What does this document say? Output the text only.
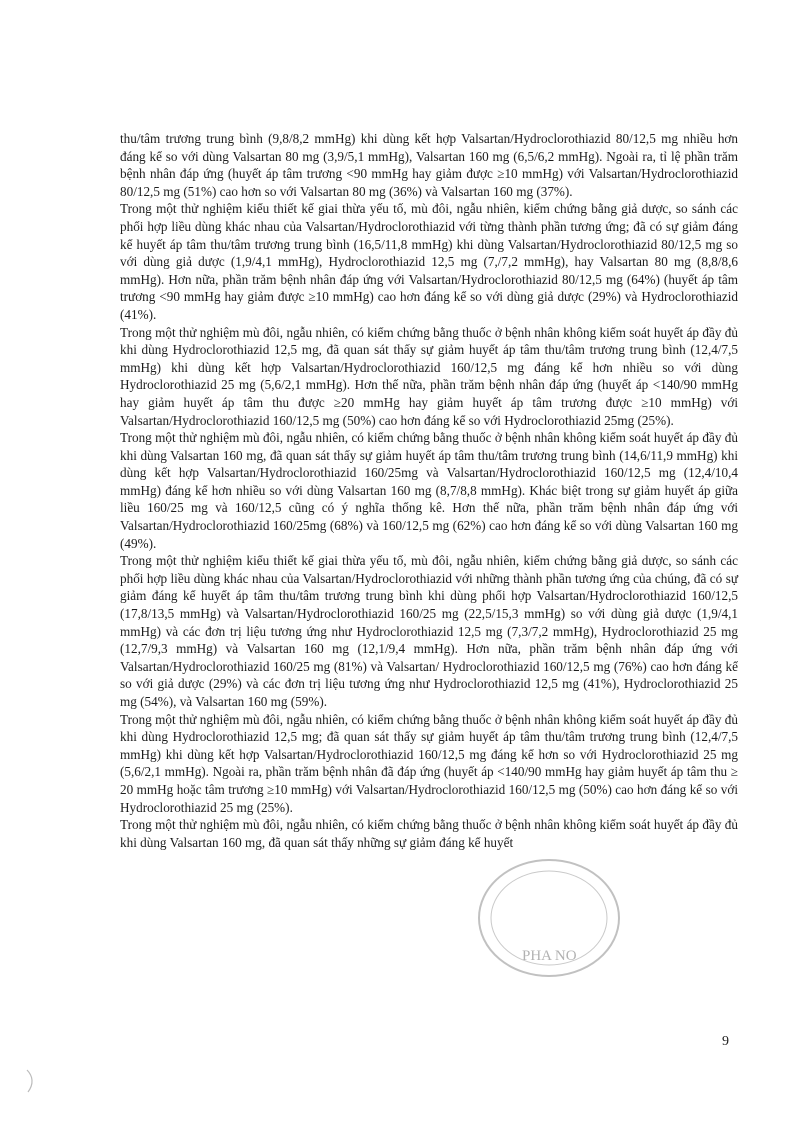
thu/tâm trương trung bình (9,8/8,2 mmHg) khi dùng kết hợp Valsartan/Hydroclorothiazid 80/12,5 mg nhiều hơn đáng kể so với dùng Valsartan 80 mg (3,9/5,1 mmHg), Valsartan 160 mg (6,5/6,2 mmHg). Ngoài ra, tỉ lệ phần trăm bệnh nhân đáp ứng (huyết áp tâm trương <90 mmHg hay giảm được ≥10 mmHg) với Valsartan/Hydroclorothiazid 80/12,5 mg (51%) cao hơn so với Valsartan 80 mg (36%) và Valsartan 160 mg (37%).

Trong một thử nghiệm kiểu thiết kế giai thừa yếu tố, mù đôi, ngẫu nhiên, kiểm chứng bằng giả dược, so sánh các phối hợp liều dùng khác nhau của Valsartan/Hydroclorothiazid với từng thành phần tương ứng; đã có sự giảm đáng kể huyết áp tâm thu/tâm trương trung bình (16,5/11,8 mmHg) khi dùng Valsartan/Hydroclorothiazid 80/12,5 mg so với dùng giả dược (1,9/4,1 mmHg), Hydroclorothiazid 12,5 mg (7,/7,2 mmHg), hay Valsartan 80 mg (8,8/8,6 mmHg). Hơn nữa, phần trăm bệnh nhân đáp ứng với Valsartan/Hydroclorothiazid 80/12,5 mg (64%) (huyết áp tâm trương <90 mmHg hay giảm được ≥10 mmHg) cao hơn đáng kể so với dùng giả dược (29%) và Hydroclorothiazid (41%).

Trong một thử nghiệm mù đôi, ngẫu nhiên, có kiểm chứng bằng thuốc ở bệnh nhân không kiểm soát huyết áp đầy đủ khi dùng Hydroclorothiazid 12,5 mg, đã quan sát thấy sự giảm huyết áp tâm thu/tâm trương trung bình (12,4/7,5 mmHg) khi dùng kết hợp Valsartan/Hydroclorothiazid 160/12,5 mg đáng kể hơn nhiều so với dùng Hydroclorothiazid 25 mg (5,6/2,1 mmHg). Hơn thế nữa, phần trăm bệnh nhân đáp ứng (huyết áp <140/90 mmHg hay giảm huyết áp tâm thu được ≥20 mmHg hay giảm huyết áp tâm trương được ≥10 mmHg) với Valsartan/Hydroclorothiazid 160/12,5 mg (50%) cao hơn đáng kể so với Hydroclorothiazid 25mg (25%).

Trong một thử nghiệm mù đôi, ngẫu nhiên, có kiểm chứng bằng thuốc ở bệnh nhân không kiểm soát huyết áp đầy đủ khi dùng Valsartan 160 mg, đã quan sát thấy sự giảm huyết áp tâm thu/tâm trương trung bình (14,6/11,9 mmHg) khi dùng kết hợp Valsartan/Hydroclorothiazid 160/25mg và Valsartan/Hydroclorothiazid 160/12,5 mg (12,4/10,4 mmHg) đáng kể hơn nhiều so với dùng Valsartan 160 mg (8,7/8,8 mmHg). Khác biệt trong sự giảm huyết áp giữa liều 160/25 mg và 160/12,5 cũng có ý nghĩa thống kê. Hơn thế nữa, phần trăm bệnh nhân đáp ứng với Valsartan/Hydroclorothiazid 160/25mg (68%) và 160/12,5 mg (62%) cao hơn đáng kể so với dùng Valsartan 160 mg (49%).

Trong một thử nghiệm kiểu thiết kế giai thừa yếu tố, mù đôi, ngẫu nhiên, kiểm chứng bằng giả dược, so sánh các phối hợp liều dùng khác nhau của Valsartan/Hydroclorothiazid với những thành phần tương ứng của chúng, đã có sự giảm đáng kể huyết áp tâm thu/tâm trương trung bình khi dùng phối hợp Valsartan/Hydroclorothiazid 160/12,5 (17,8/13,5 mmHg) và Valsartan/Hydroclorothiazid 160/25 mg (22,5/15,3 mmHg) so với dùng giả dược (1,9/4,1 mmHg) và các đơn trị liệu tương ứng như Hydroclorothiazid 12,5 mg (7,3/7,2 mmHg), Hydroclorothiazid 25 mg (12,7/9,3 mmHg) và Valsartan 160 mg (12,1/9,4 mmHg). Hơn nữa, phần trăm bệnh nhân đáp ứng với Valsartan/Hydroclorothiazid 160/25 mg (81%) và Valsartan/ Hydroclorothiazid 160/12,5 mg (76%) cao hơn đáng kể so với giả dược (29%) và các đơn trị liệu tương ứng như Hydroclorothiazid 12,5 mg (41%), Hydroclorothiazid 25 mg (54%), và Valsartan 160 mg (59%).

Trong một thử nghiệm mù đôi, ngẫu nhiên, có kiểm chứng bằng thuốc ở bệnh nhân không kiểm soát huyết áp đầy đủ khi dùng Hydroclorothiazid 12,5 mg; đã quan sát thấy sự giảm huyết áp tâm thu/tâm trương trung bình (12,4/7,5 mmHg) khi dùng kết hợp Valsartan/Hydroclorothiazid 160/12,5 mg đáng kể hơn so với Hydroclorothiazid 25 mg (5,6/2,1 mmHg). Ngoài ra, phần trăm bệnh nhân đã đáp ứng (huyết áp <140/90 mmHg hay giảm huyết áp tâm thu ≥ 20 mmHg hoặc tâm trương ≥10 mmHg) với Valsartan/Hydroclorothiazid 160/12,5 mg (50%) cao hơn đáng kể so với Hydroclorothiazid 25 mg (25%).

Trong một thử nghiệm mù đôi, ngẫu nhiên, có kiểm chứng bằng thuốc ở bệnh nhân không kiểm soát huyết áp đầy đủ khi dùng Valsartan 160 mg, đã quan sát thấy những sự giảm đáng kể huyết

PHA NO
9
